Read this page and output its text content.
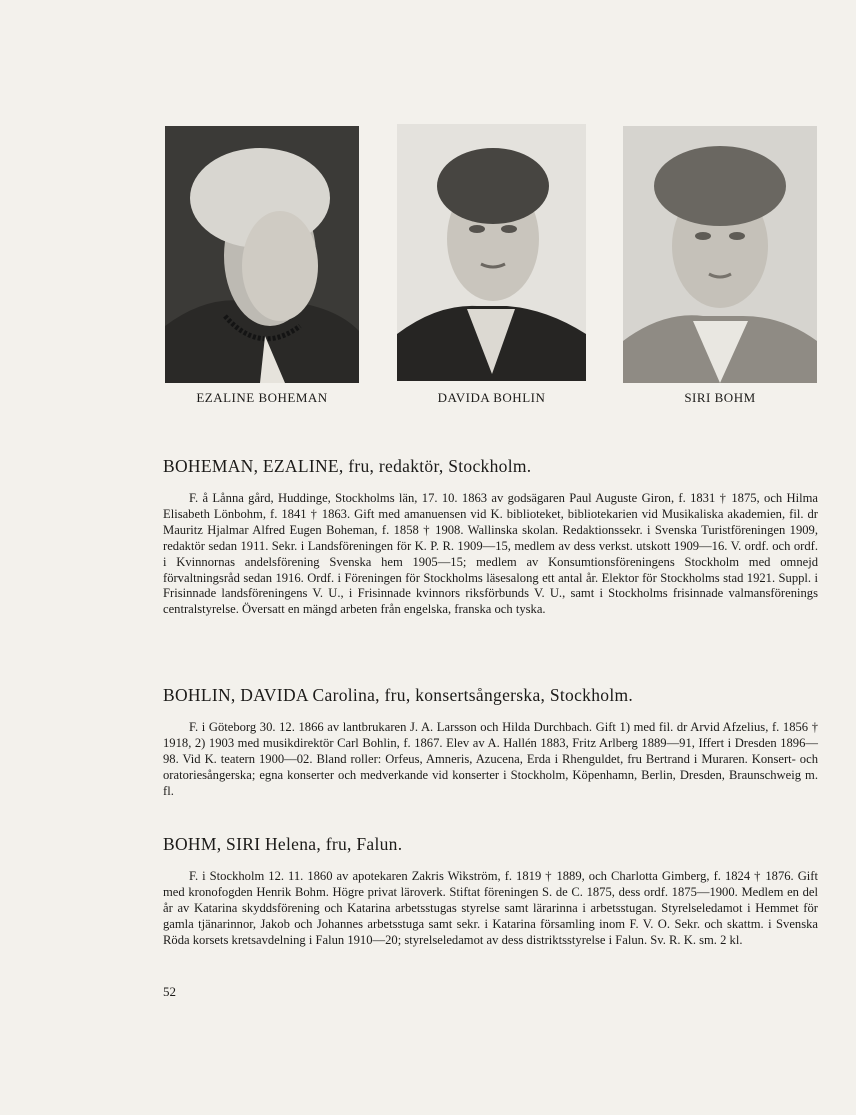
EZALINE BOHEMAN	DAVIDA BOHLIN	SIRI BOHM
BOHEMAN, EZALINE, fru, redaktör, Stockholm.

F. å Lånna gård, Huddinge, Stockholms län, 17. 10. 1863 av godsägaren Paul Auguste Giron, f. 1831 † 1875, och Hilma Elisabeth Lönbohm, f. 1841 † 1863. Gift med amanuensen vid K. biblioteket, bibliotekarien vid Musikaliska akademien, fil. dr Mauritz Hjalmar Alfred Eugen Boheman, f. 1858 † 1908. Wallinska skolan. Redaktionssekr. i Svenska Turistföreningen 1909, redaktör sedan 1911. Sekr. i Landsföreningen för K. P. R. 1909—15, medlem av dess verkst. utskott 1909—16. V. ordf. och ordf. i Kvinnornas andelsförening Svenska hem 1905—15; medlem av Konsumtionsföreningens Stockholm med omnejd förvaltningsråd sedan 1916. Ordf. i Föreningen för Stockholms läsesalong ett antal år. Elektor för Stockholms stad 1921. Suppl. i Frisinnade landsföreningens V. U., i Frisinnade kvinnors riksförbunds V. U., samt i Stockholms frisinnade valmansförenings centralstyrelse. Översatt en mängd arbeten från engelska, franska och tyska.

BOHLIN, DAVIDA Carolina, fru, konsertsångerska, Stockholm.

F. i Göteborg 30. 12. 1866 av lantbrukaren J. A. Larsson och Hilda Durchbach. Gift 1) med fil. dr Arvid Afzelius, f. 1856 † 1918, 2) 1903 med musikdirektör Carl Bohlin, f. 1867. Elev av A. Hallén 1883, Fritz Arlberg 1889—91, Iffert i Dresden 1896—98. Vid K. teatern 1900—02. Bland roller: Orfeus, Amneris, Azucena, Erda i Rhenguldet, fru Bertrand i Muraren. Konsert- och oratoriesångerska; egna konserter och medverkande vid konserter i Stockholm, Köpenhamn, Berlin, Dresden, Braunschweig m. fl.

BOHM, SIRI Helena, fru, Falun.

F. i Stockholm 12. 11. 1860 av apotekaren Zakris Wikström, f. 1819 † 1889, och Charlotta Gimberg, f. 1824 † 1876. Gift med kronofogden Henrik Bohm. Högre privat läroverk. Stiftat föreningen S. de C. 1875, dess ordf. 1875—1900. Medlem en del år av Katarina skyddsförening och Katarina arbetsstugas styrelse samt lärarinna i arbetsstugan. Styrelseledamot i Hemmet för gamla tjänarinnor, Jakob och Johannes arbetsstuga samt sekr. i Katarina församling inom F. V. O. Sekr. och skattm. i Svenska Röda korsets kretsavdelning i Falun 1910—20; styrelseledamot av dess distriktsstyrelse i Falun. Sv. R. K. sm. 2 kl.

52
